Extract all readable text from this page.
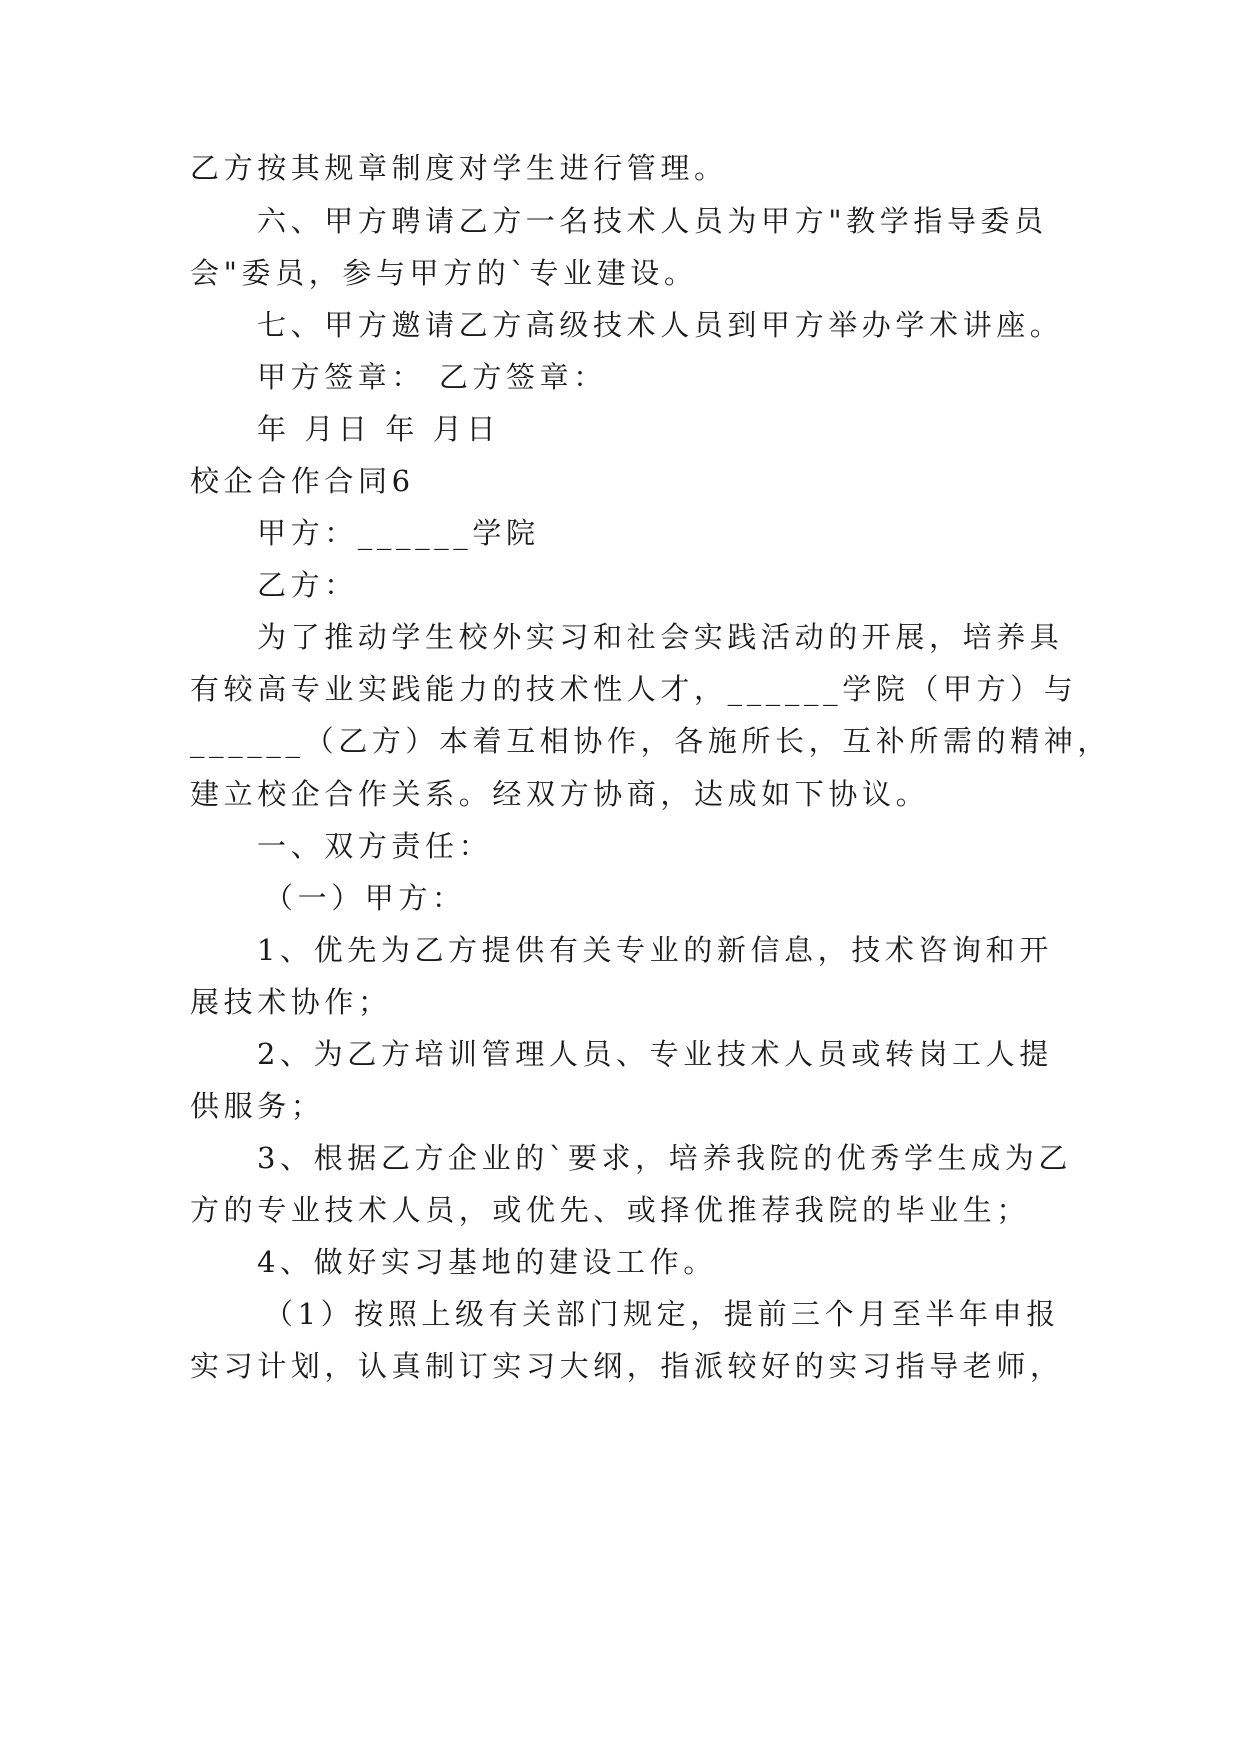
乙方按其规章制度对学生进行管理。
六、甲方聘请乙方一名技术人员为甲方"教学指导委员
会"委员，参与甲方的`专业建设。
七、甲方邀请乙方高级技术人员到甲方举办学术讲座。
甲方签章： 乙方签章：
年 月日 年 月日
校企合作合同6
甲方：______学院
乙方：
为了推动学生校外实习和社会实践活动的开展，培养具
有较高专业实践能力的技术性人才，______学院（甲方）与
______（乙方）本着互相协作，各施所长，互补所需的精神，
建立校企合作关系。经双方协商，达成如下协议。
一、双方责任：
（一）甲方：
1、优先为乙方提供有关专业的新信息，技术咨询和开
展技术协作；
2、为乙方培训管理人员、专业技术人员或转岗工人提
供服务；
3、根据乙方企业的`要求，培养我院的优秀学生成为乙
方的专业技术人员，或优先、或择优推荐我院的毕业生；
4、做好实习基地的建设工作。
（1）按照上级有关部门规定，提前三个月至半年申报
实习计划，认真制订实习大纲，指派较好的实习指导老师，
